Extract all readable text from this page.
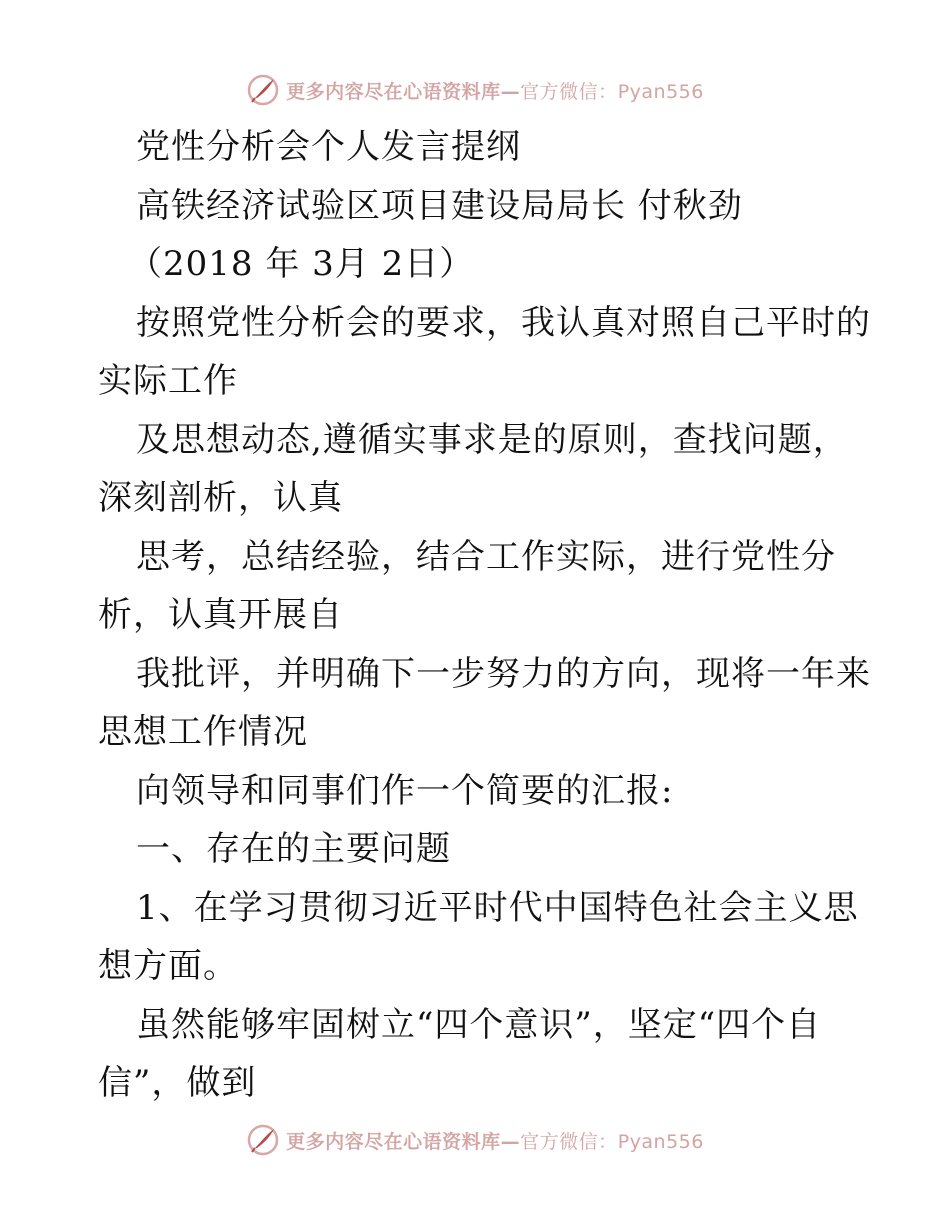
更多内容尽在心语资料库—官方微信：Pyan556
党性分析会个人发言提纲
高铁经济试验区项目建设局局长 付秋劲
（2018 年 3月 2日）
按照党性分析会的要求，我认真对照自己平时的
实际工作
及思想动态,遵循实事求是的原则，查找问题，
深刻剖析，认真
思考，总结经验，结合工作实际，进行党性分
析，认真开展自
我批评，并明确下一步努力的方向，现将一年来
思想工作情况
向领导和同事们作一个简要的汇报:
一、存在的主要问题
1、在学习贯彻习近平时代中国特色社会主义思
想方面。
虽然能够牢固树立“四个意识”，坚定“四个自
信”，做到
更多内容尽在心语资料库—官方微信：Pyan556
